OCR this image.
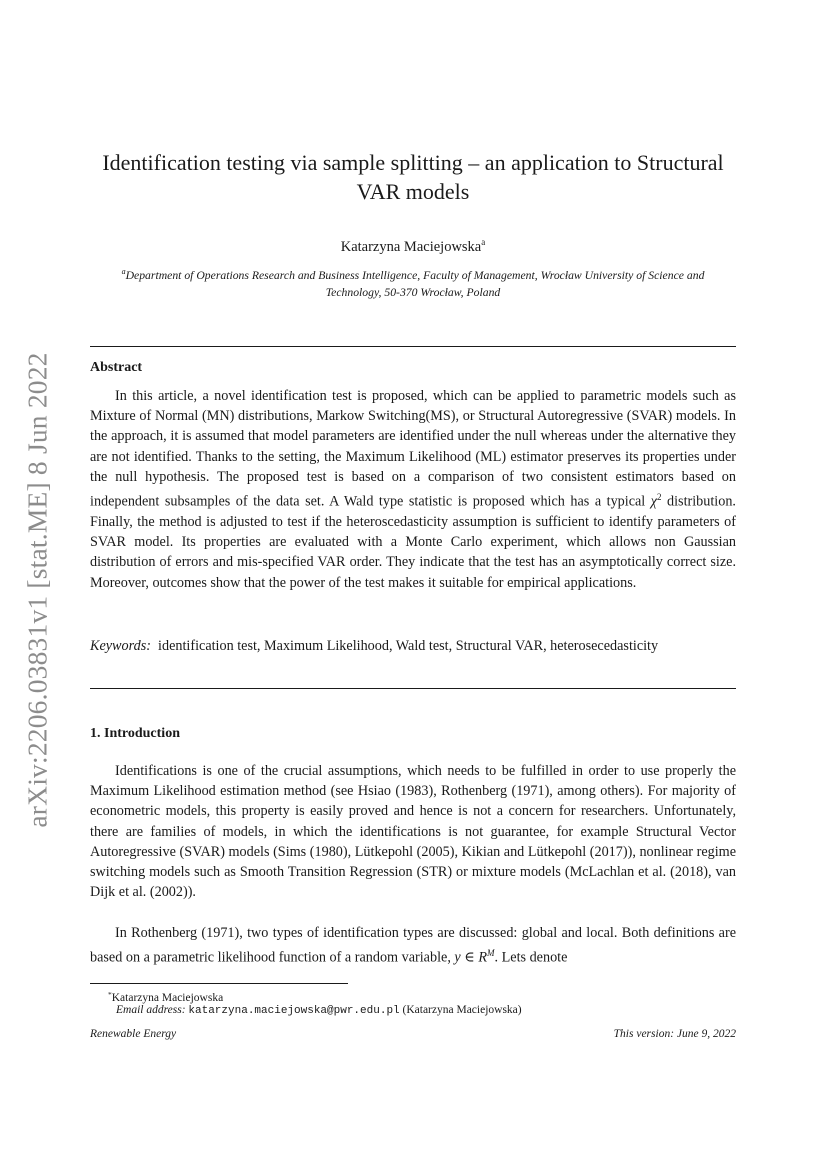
arXiv:2206.03831v1 [stat.ME] 8 Jun 2022
Identification testing via sample splitting – an application to Structural VAR models
Katarzyna Maciejowska$^a$
$^a$Department of Operations Research and Business Intelligence, Faculty of Management, Wrocław University of Science and Technology, 50-370 Wrocław, Poland
Abstract

In this article, a novel identification test is proposed, which can be applied to parametric models such as Mixture of Normal (MN) distributions, Markow Switching(MS), or Structural Autoregressive (SVAR) models. In the approach, it is assumed that model parameters are identified under the null whereas under the alternative they are not identified. Thanks to the setting, the Maximum Likelihood (ML) estimator preserves its properties under the null hypothesis. The proposed test is based on a comparison of two consistent estimators based on independent subsamples of the data set. A Wald type statistic is proposed which has a typical $\chi^2$ distribution. Finally, the method is adjusted to test if the heteroscedasticity assumption is sufficient to identify parameters of SVAR model. Its properties are evaluated with a Monte Carlo experiment, which allows non Gaussian distribution of errors and mis-specified VAR order. They indicate that the test has an asymptotically correct size. Moreover, outcomes show that the power of the test makes it suitable for empirical applications.

Keywords: identification test, Maximum Likelihood, Wald test, Structural VAR, heterosecedasticity
1. Introduction

Identifications is one of the crucial assumptions, which needs to be fulfilled in order to use properly the Maximum Likelihood estimation method (see Hsiao (1983), Rothenberg (1971), among others). For majority of econometric models, this property is easily proved and hence is not a concern for researchers. Unfortunately, there are families of models, in which the identifications is not guarantee, for example Structural Vector Autoregressive (SVAR) models (Sims (1980), Lütkepohl (2005), Kikian and Lütkepohl (2017)), nonlinear regime switching models such as Smooth Transition Regression (STR) or mixture models (McLachlan et al. (2018), van Dijk et al. (2002)).

In Rothenberg (1971), two types of identification types are discussed: global and local. Both definitions are based on a parametric likelihood function of a random variable, y ∈ $R^M$. Lets denote

*Katarzyna Maciejowska
Email address: katarzyna.maciejowska@pwr.edu.pl (Katarzyna Maciejowska)
Renewable Energy	This version: June 9, 2022
